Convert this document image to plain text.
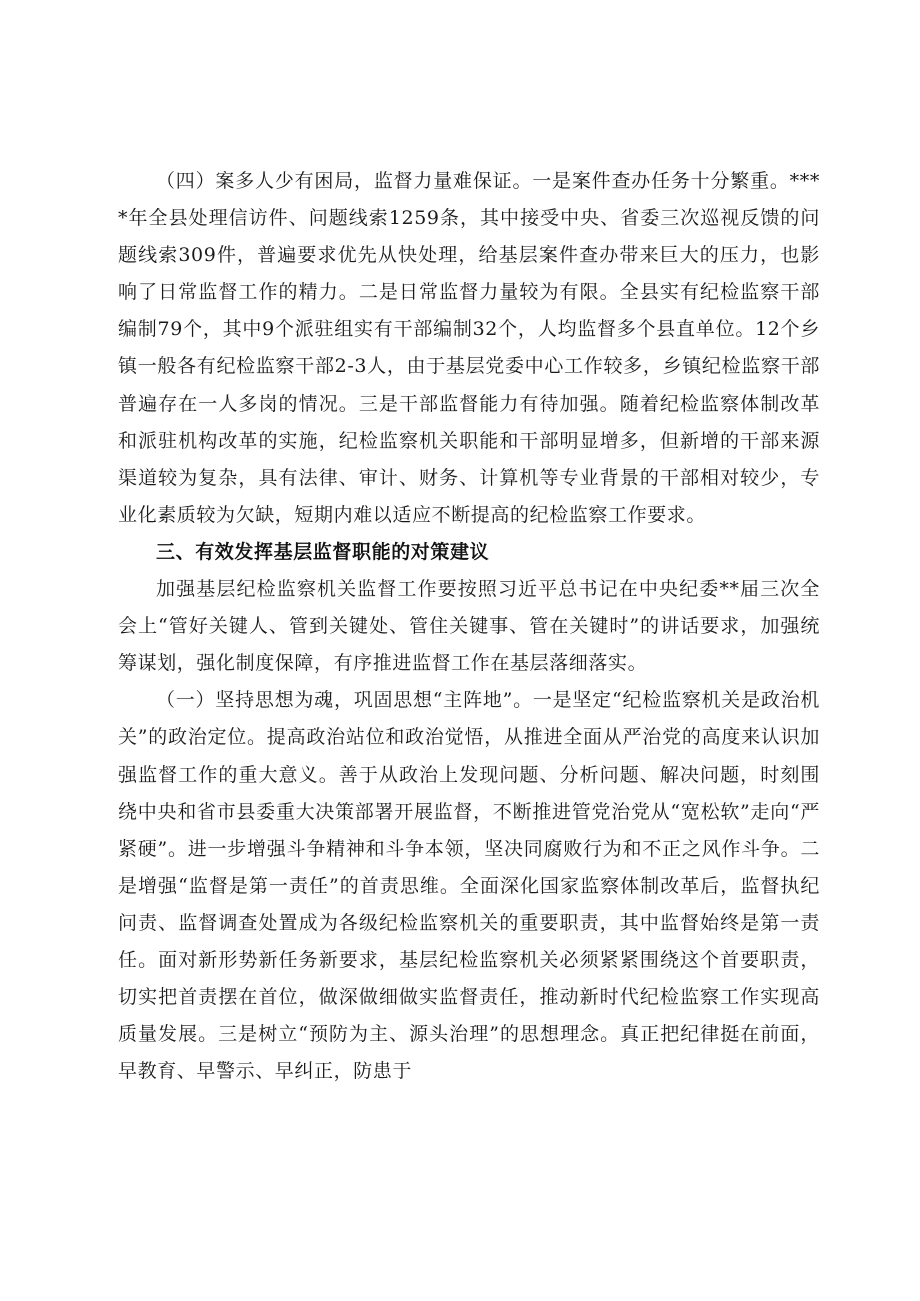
（四）案多人少有困局，监督力量难保证。一是案件查办任务十分繁重。****年全县处理信访件、问题线索1259条，其中接受中央、省委三次巡视反馈的问题线索309件，普遍要求优先从快处理，给基层案件查办带来巨大的压力，也影响了日常监督工作的精力。二是日常监督力量较为有限。全县实有纪检监察干部编制79个，其中9个派驻组实有干部编制32个，人均监督多个县直单位。12个乡镇一般各有纪检监察干部2-3人，由于基层党委中心工作较多，乡镇纪检监察干部普遍存在一人多岗的情况。三是干部监督能力有待加强。随着纪检监察体制改革和派驻机构改革的实施，纪检监察机关职能和干部明显增多，但新增的干部来源渠道较为复杂，具有法律、审计、财务、计算机等专业背景的干部相对较少，专业化素质较为欠缺，短期内难以适应不断提高的纪检监察工作要求。

三、有效发挥基层监督职能的对策建议

加强基层纪检监察机关监督工作要按照习近平总书记在中央纪委**届三次全会上“管好关键人、管到关键处、管住关键事、管在关键时”的讲话要求，加强统筹谋划，强化制度保障，有序推进监督工作在基层落细落实。

（一）坚持思想为魂，巩固思想“主阵地”。一是坚定“纪检监察机关是政治机关”的政治定位。提高政治站位和政治觉悟，从推进全面从严治党的高度来认识加强监督工作的重大意义。善于从政治上发现问题、分析问题、解决问题，时刻围绕中央和省市县委重大决策部署开展监督，不断推进管党治党从“宽松软”走向“严紧硬”。进一步增强斗争精神和斗争本领，坚决同腐败行为和不正之风作斗争。二是增强“监督是第一责任”的首责思维。全面深化国家监察体制改革后，监督执纪问责、监督调查处置成为各级纪检监察机关的重要职责，其中监督始终是第一责任。面对新形势新任务新要求，基层纪检监察机关必须紧紧围绕这个首要职责，切实把首责摆在首位，做深做细做实监督责任，推动新时代纪检监察工作实现高质量发展。三是树立“预防为主、源头治理”的思想理念。真正把纪律挺在前面，早教育、早警示、早纠正，防患于
